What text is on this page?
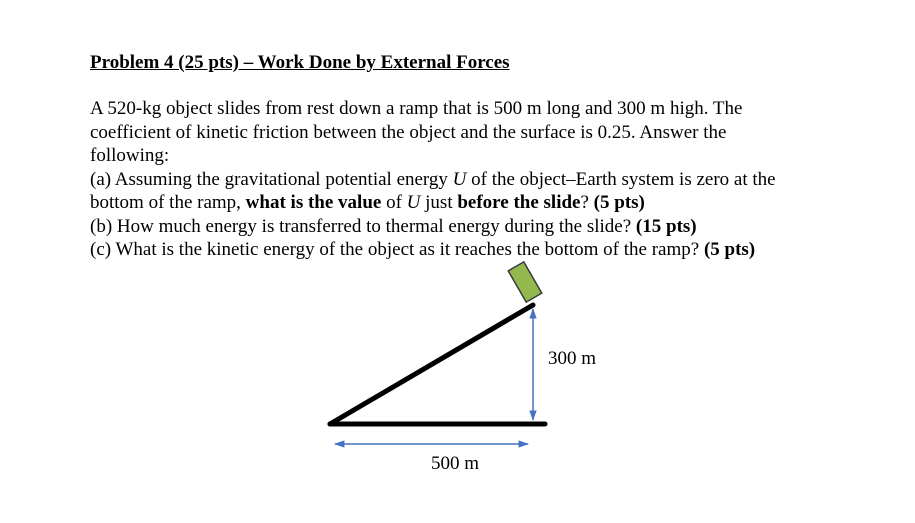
Problem 4 (25 pts) – Work Done by External Forces
A 520-kg object slides from rest down a ramp that is 500 m long and 300 m high. The
coefficient of kinetic friction between the object and the surface is 0.25. Answer the
following:
(a) Assuming the gravitational potential energy U of the object–Earth system is zero at the
bottom of the ramp, what is the value of U just before the slide? (5 pts)
(b) How much energy is transferred to thermal energy during the slide? (15 pts)
(c) What is the kinetic energy of the object as it reaches the bottom of the ramp? (5 pts)
300 m
500 m
